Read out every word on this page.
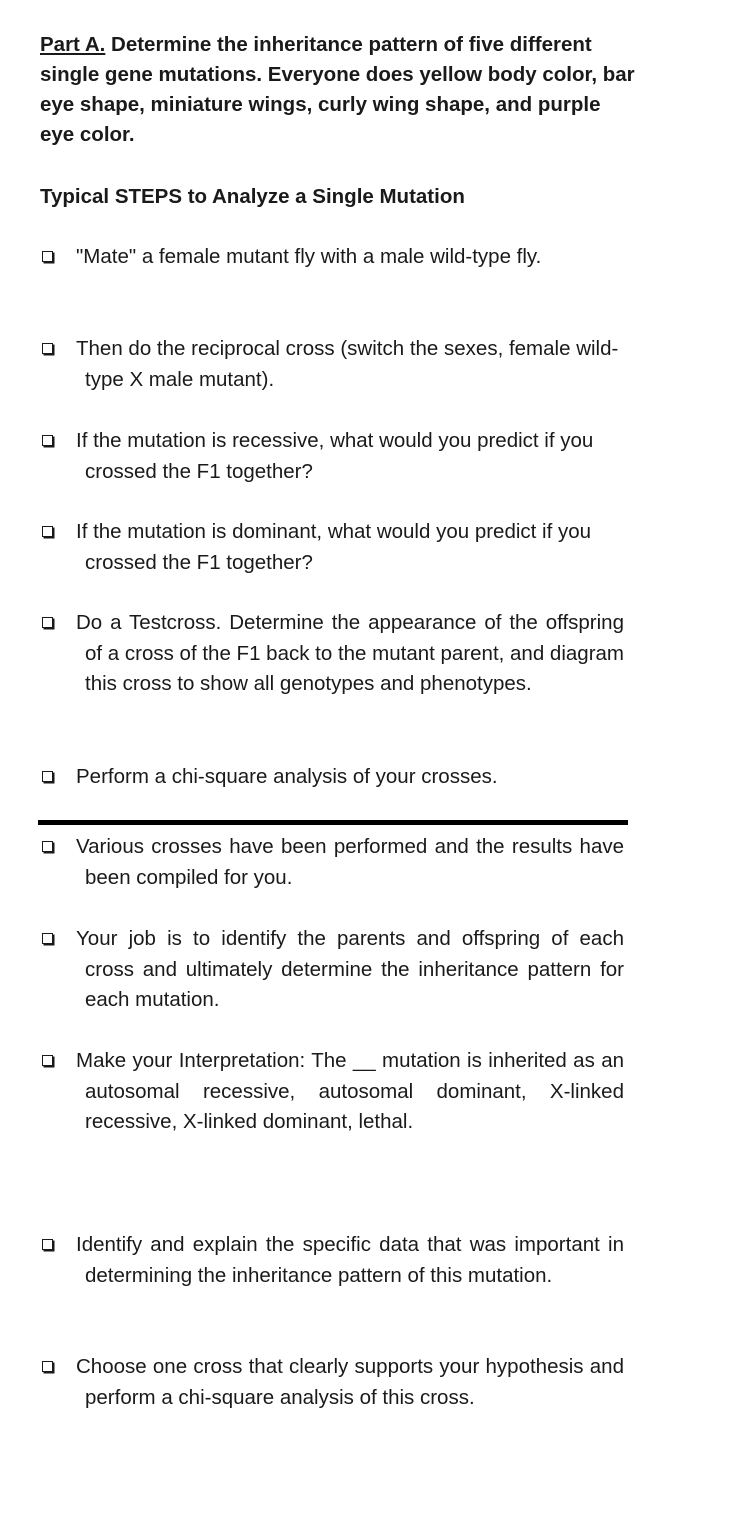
Part A. Determine the inheritance pattern of five different single gene mutations. Everyone does yellow body color, bar eye shape, miniature wings, curly wing shape, and purple eye color.
Typical STEPS to Analyze a Single Mutation
"Mate" a female mutant fly with a male wild-type fly.
Then do the reciprocal cross (switch the sexes, female wild-type X male mutant).
If the mutation is recessive, what would you predict if you crossed the F1 together?
If the mutation is dominant, what would you predict if you crossed the F1 together?
Do a Testcross. Determine the appearance of the offspring of a cross of the F1 back to the mutant parent, and diagram this cross to show all genotypes and phenotypes.
Perform a chi-square analysis of your crosses.
Various crosses have been performed and the results have been compiled for you.
Your job is to identify the parents and offspring of each cross and ultimately determine the inheritance pattern for each mutation.
Make your Interpretation: The __ mutation is inherited as an autosomal recessive, autosomal dominant, X-linked recessive, X-linked dominant, lethal.
Identify and explain the specific data that was important in determining the inheritance pattern of this mutation.
Choose one cross that clearly supports your hypothesis and perform a chi-square analysis of this cross.
